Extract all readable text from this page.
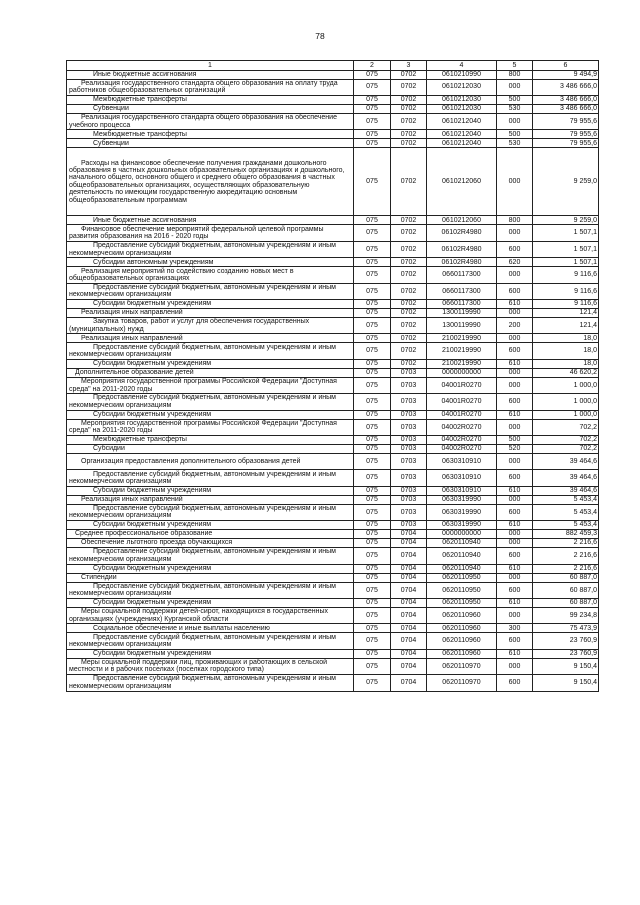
78
1	2	3	4	5	6
Иные бюджетные ассигнования	075	0702	0610210990	800	9 494,9
Реализация государственного стандарта общего образования на оплату труда работников общеобразовательных организаций	075	0702	0610212030	000	3 486 666,0
Межбюджетные трансферты	075	0702	0610212030	500	3 486 666,0
Субвенции	075	0702	0610212030	530	3 486 666,0
Реализация государственного стандарта общего образования на обеспечение учебного процесса	075	0702	0610212040	000	79 955,6
Межбюджетные трансферты	075	0702	0610212040	500	79 955,6
Субвенции	075	0702	0610212040	530	79 955,6
Расходы на финансовое обеспечение получения гражданами дошкольного образования в частных дошкольных образовательных организациях и дошкольного, начального общего, основного общего и среднего общего образования в частных общеобразовательных организациях, осуществляющих образовательную деятельность по имеющим государственную аккредитацию основным общеобразовательным программам	075	0702	0610212060	000	9 259,0
Иные бюджетные ассигнования	075	0702	0610212060	800	9 259,0
Финансовое обеспечение мероприятий федеральной целевой программы развития образования на 2016 - 2020 годы	075	0702	06102R4980	000	1 507,1
Предоставление субсидий бюджетным, автономным учреждениям и иным некоммерческим организациям	075	0702	06102R4980	600	1 507,1
Субсидии автономным учреждениям	075	0702	06102R4980	620	1 507,1
Реализация мероприятий по содействию созданию новых мест в общеобразовательных организациях	075	0702	0660117300	000	9 116,6
Предоставление субсидий бюджетным, автономным учреждениям и иным некоммерческим организациям	075	0702	0660117300	600	9 116,6
Субсидии бюджетным учреждениям	075	0702	0660117300	610	9 116,6
Реализация иных направлений	075	0702	1300119990	000	121,4
Закупка товаров, работ и услуг для обеспечения государственных (муниципальных) нужд	075	0702	1300119990	200	121,4
Реализация иных направлений	075	0702	2100219990	000	18,0
Предоставление субсидий бюджетным, автономным учреждениям и иным некоммерческим организациям	075	0702	2100219990	600	18,0
Субсидии бюджетным учреждениям	075	0702	2100219990	610	18,0
Дополнительное образование детей	075	0703	0000000000	000	46 620,2
Мероприятия государственной программы Российской Федерации "Доступная среда" на 2011-2020 годы	075	0703	04001R0270	000	1 000,0
Предоставление субсидий бюджетным, автономным учреждениям и иным некоммерческим организациям	075	0703	04001R0270	600	1 000,0
Субсидии бюджетным учреждениям	075	0703	04001R0270	610	1 000,0
Мероприятия государственной программы Российской Федерации "Доступная среда" на 2011-2020 годы	075	0703	04002R0270	000	702,2
Межбюджетные трансферты	075	0703	04002R0270	500	702,2
Субсидии	075	0703	04002R0270	520	702,2
Организация предоставления дополнительного образования детей	075	0703	0630310910	000	39 464,6
Предоставление субсидий бюджетным, автономным учреждениям и иным некоммерческим организациям	075	0703	0630310910	600	39 464,6
Субсидии бюджетным учреждениям	075	0703	0630310910	610	39 464,6
Реализация иных направлений	075	0703	0630319990	000	5 453,4
Предоставление субсидий бюджетным, автономным учреждениям и иным некоммерческим организациям	075	0703	0630319990	600	5 453,4
Субсидии бюджетным учреждениям	075	0703	0630319990	610	5 453,4
Среднее профессиональное образование	075	0704	0000000000	000	882 459,3
Обеспечение льготного проезда обучающихся	075	0704	0620110940	000	2 216,6
Предоставление субсидий бюджетным, автономным учреждениям и иным некоммерческим организациям	075	0704	0620110940	600	2 216,6
Субсидии бюджетным учреждениям	075	0704	0620110940	610	2 216,6
Стипендии	075	0704	0620110950	000	60 887,0
Предоставление субсидий бюджетным, автономным учреждениям и иным некоммерческим организациям	075	0704	0620110950	600	60 887,0
Субсидии бюджетным учреждениям	075	0704	0620110950	610	60 887,0
Меры социальной поддержки детей-сирот, находящихся в государственных организациях (учреждениях) Курганской области	075	0704	0620110960	000	99 234,8
Социальное обеспечение и иные выплаты населению	075	0704	0620110960	300	75 473,9
Предоставление субсидий бюджетным, автономным учреждениям и иным некоммерческим организациям	075	0704	0620110960	600	23 760,9
Субсидии бюджетным учреждениям	075	0704	0620110960	610	23 760,9
Меры социальной поддержки лиц, проживающих и работающих в сельской местности и в рабочих поселках (поселках городского типа)	075	0704	0620110970	000	9 150,4
Предоставление субсидий бюджетным, автономным учреждениям и иным некоммерческим организациям	075	0704	0620110970	600	9 150,4
